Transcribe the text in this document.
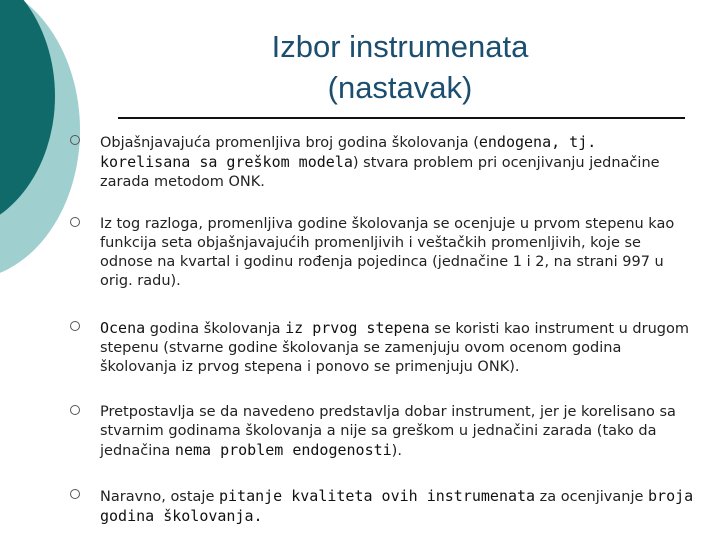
Izbor instrumenata
(nastavak)
Objašnjavajuća promenljiva broj godina školovanja (endogena, tj. korelisana sa greškom modela) stvara problem pri ocenjivanju jednačine zarada metodom ONK.
Iz tog razloga, promenljiva godine školovanja se ocenjuje u prvom stepenu kao funkcija seta objašnjavajućih promenljivih i veštačkih promenljivih, koje se odnose na kvartal i godinu rođenja pojedinca (jednačine 1 i 2, na strani 997 u orig. radu).
Ocena godina školovanja iz prvog stepena se koristi kao instrument u drugom stepenu (stvarne godine školovanja se zamenjuju ovom ocenom godina školovanja iz prvog stepena i ponovo se primenjuju ONK).
Pretpostavlja se da navedeno predstavlja dobar instrument, jer je korelisano sa stvarnim godinama školovanja a nije sa greškom u jednačini zarada (tako da jednačina nema problem endogenosti).
Naravno, ostaje pitanje kvaliteta ovih instrumenata za ocenjivanje broja godina školovanja.
